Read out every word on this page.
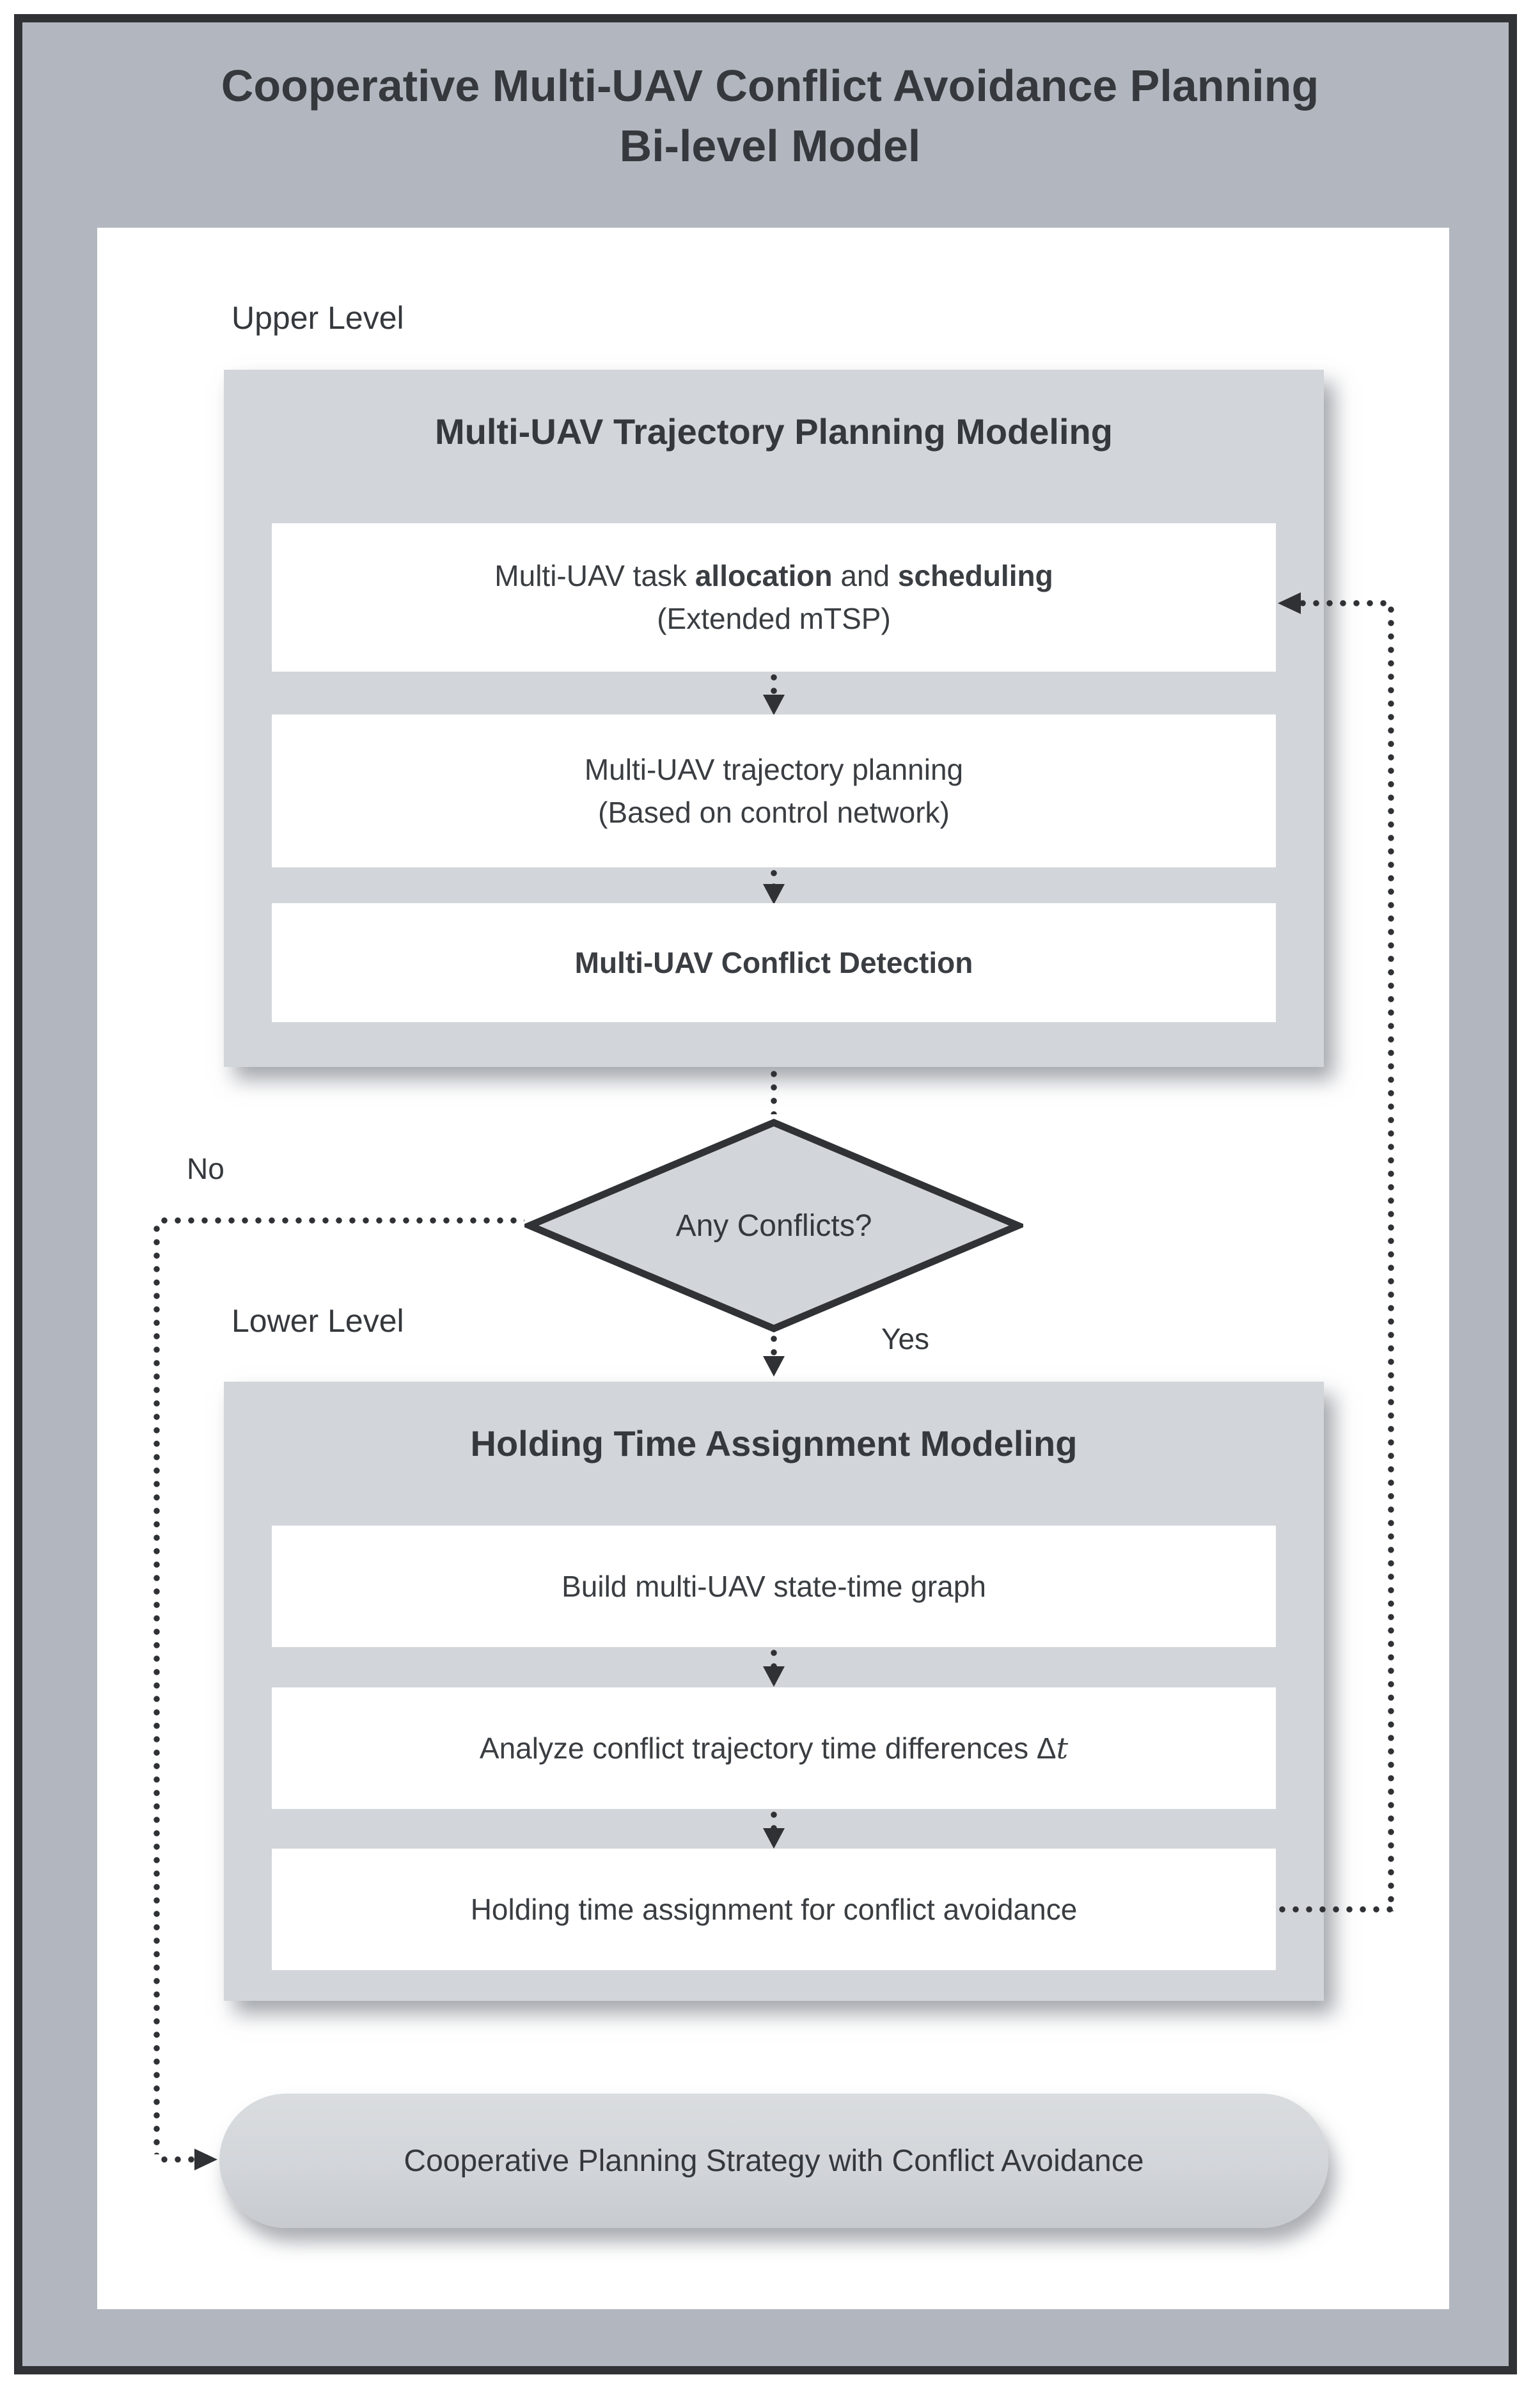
Cooperative Multi-UAV Conflict Avoidance Planning
Bi-level Model
Upper Level
Multi-UAV Trajectory Planning Modeling
Multi-UAV task allocation and scheduling
(Extended mTSP)
Multi-UAV trajectory planning
(Based on control network)
Multi-UAV Conflict Detection
Any Conflicts?
No
Yes
Lower Level
Holding Time Assignment Modeling
Build multi-UAV state-time graph
Analyze conflict trajectory time differences Δt
Holding time assignment for conflict avoidance
Cooperative Planning Strategy with Conflict Avoidance
